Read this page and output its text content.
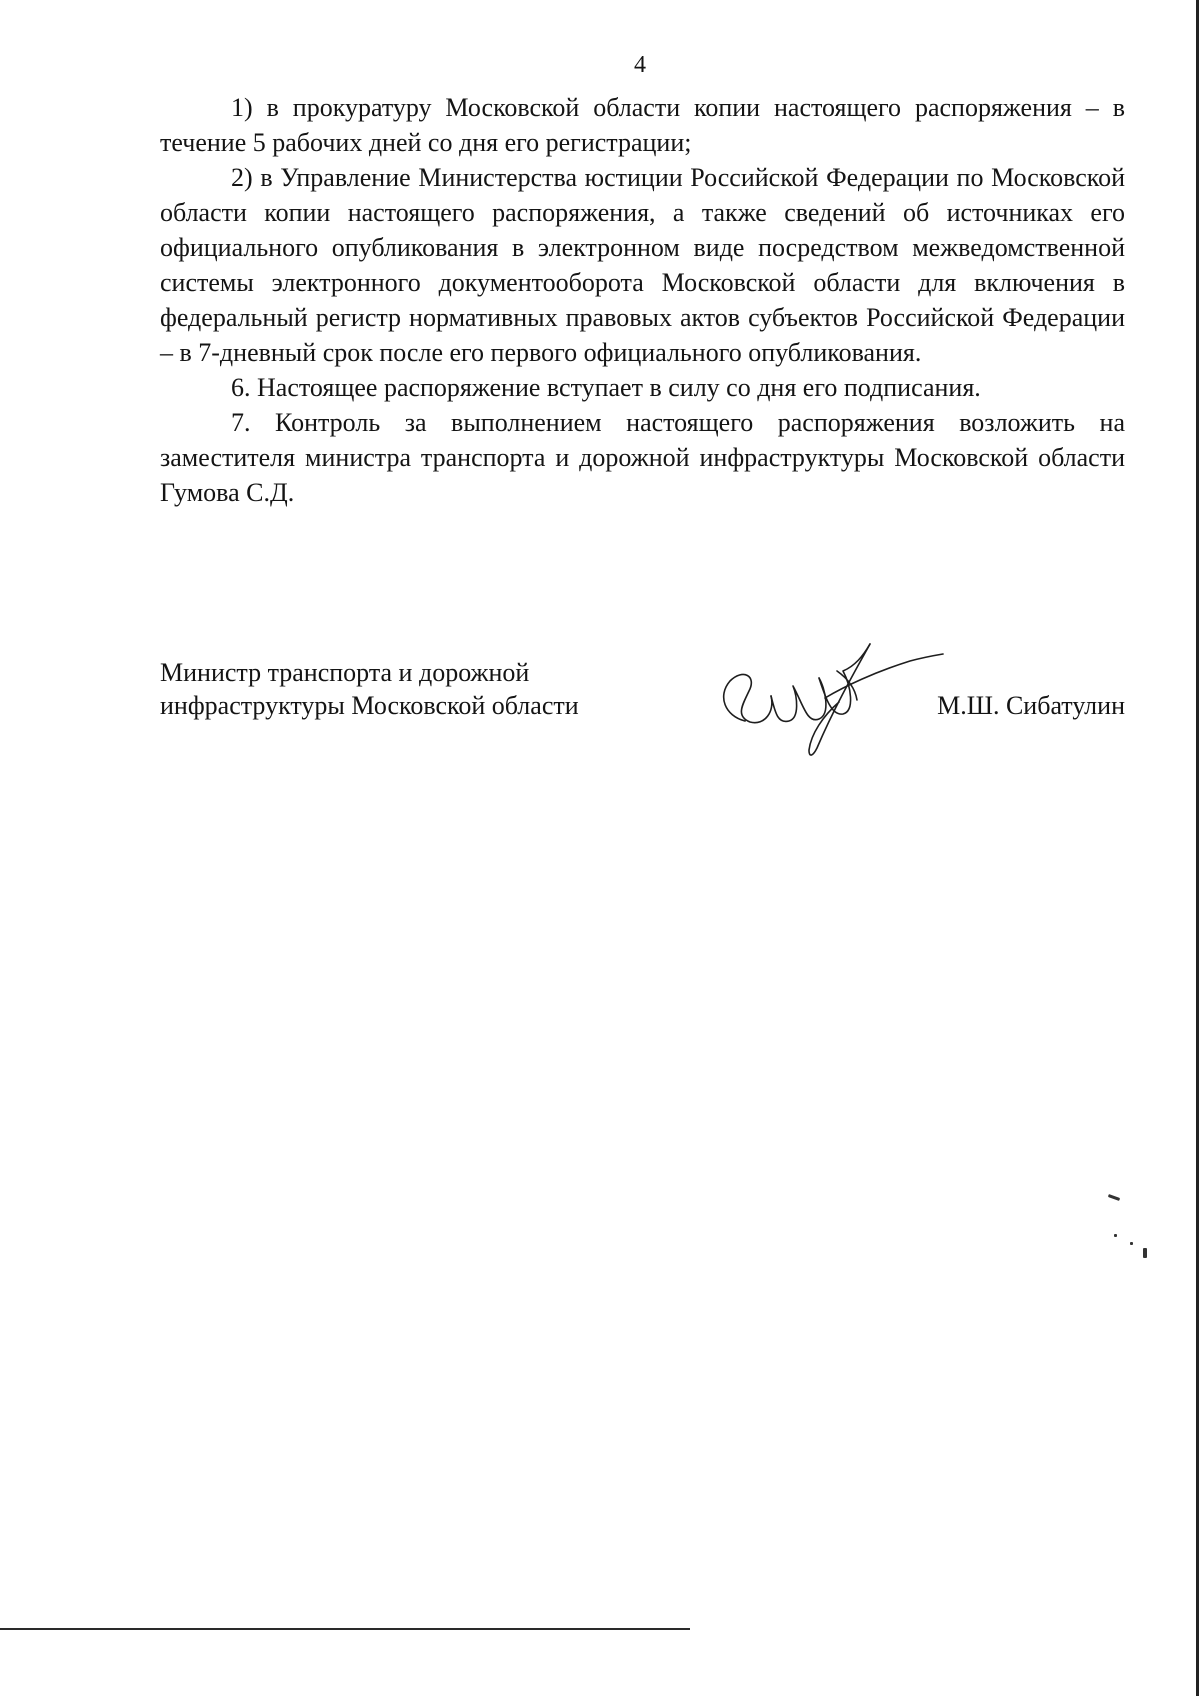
4

1) в прокуратуру Московской области копии настоящего распоряжения – в течение 5 рабочих дней со дня его регистрации;

2) в Управление Министерства юстиции Российской Федерации по Московской области копии настоящего распоряжения, а также сведений об источниках его официального опубликования в электронном виде посредством межведомственной системы электронного документооборота Московской области для включения в федеральный регистр нормативных правовых актов субъектов Российской Федерации – в 7-дневный срок после его первого официального опубликования.

6. Настоящее распоряжение вступает в силу со дня его подписания.

7. Контроль за выполнением настоящего распоряжения возложить на заместителя министра транспорта и дорожной инфраструктуры Московской области Гумова С.Д.

Министр транспорта и дорожной
инфраструктуры Московской области	М.Ш. Сибатулин
